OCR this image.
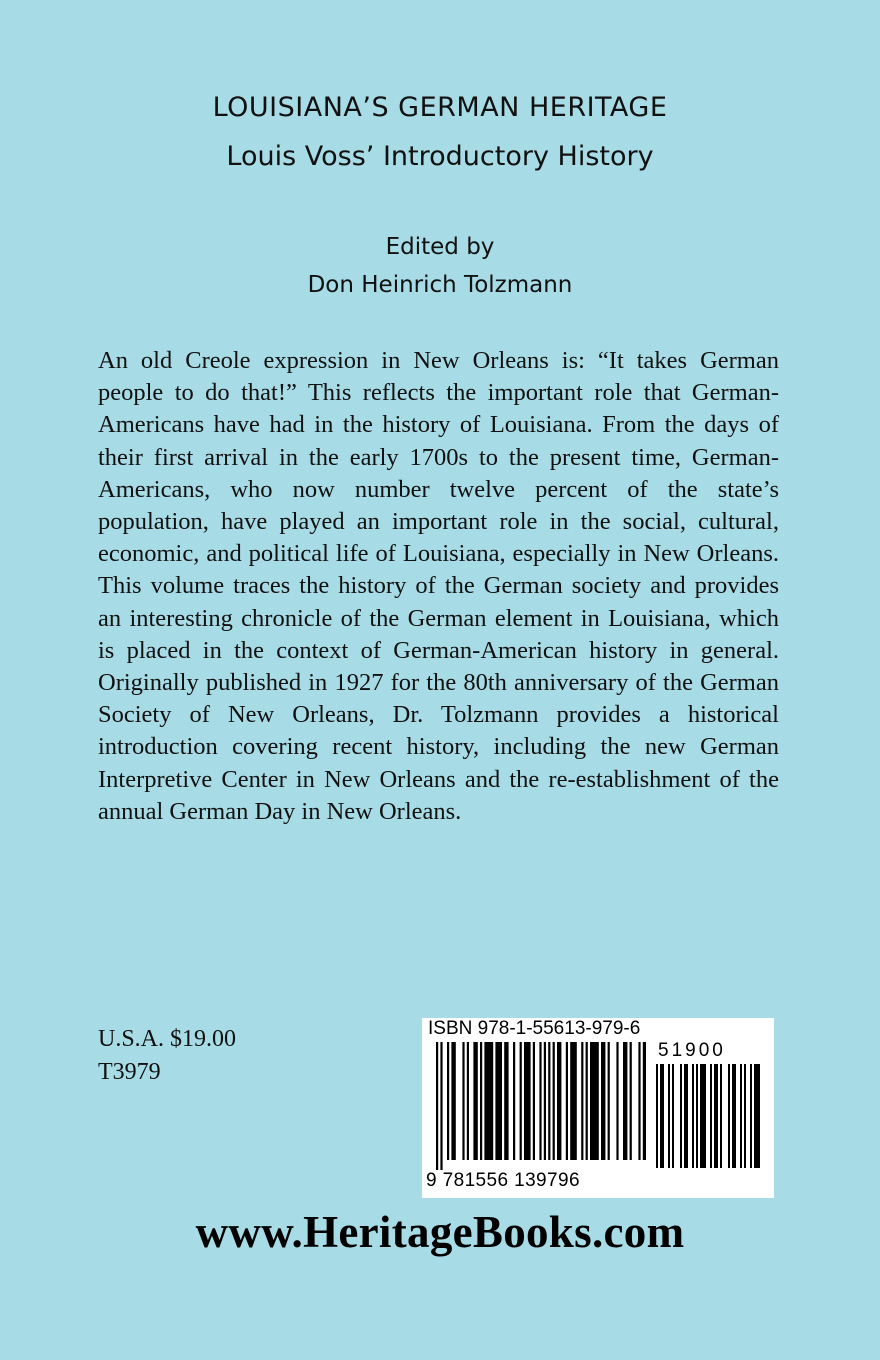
LOUISIANA’S GERMAN HERITAGE
Louis Voss’ Introductory History
Edited by
Don Heinrich Tolzmann

An old Creole expression in New Orleans is: “It takes German people to do that!” This reflects the important role that German-Americans have had in the history of Louisiana. From the days of their first arrival in the early 1700s to the present time, German-Americans, who now number twelve percent of the state’s population, have played an important role in the social, cultural, economic, and political life of Louisiana, especially in New Orleans. This volume traces the history of the German society and provides an interesting chronicle of the German element in Louisiana, which is placed in the context of German-American history in general. Originally published in 1927 for the 80th anniversary of the German Society of New Orleans, Dr. Tolzmann provides a historical introduction covering recent history, including the new German Interpretive Center in New Orleans and the re-establishment of the annual German Day in New Orleans.

U.S.A. $19.00
T3979
ISBN 978-1-55613-979-6
51900
9 781556 139796
www.HeritageBooks.com
